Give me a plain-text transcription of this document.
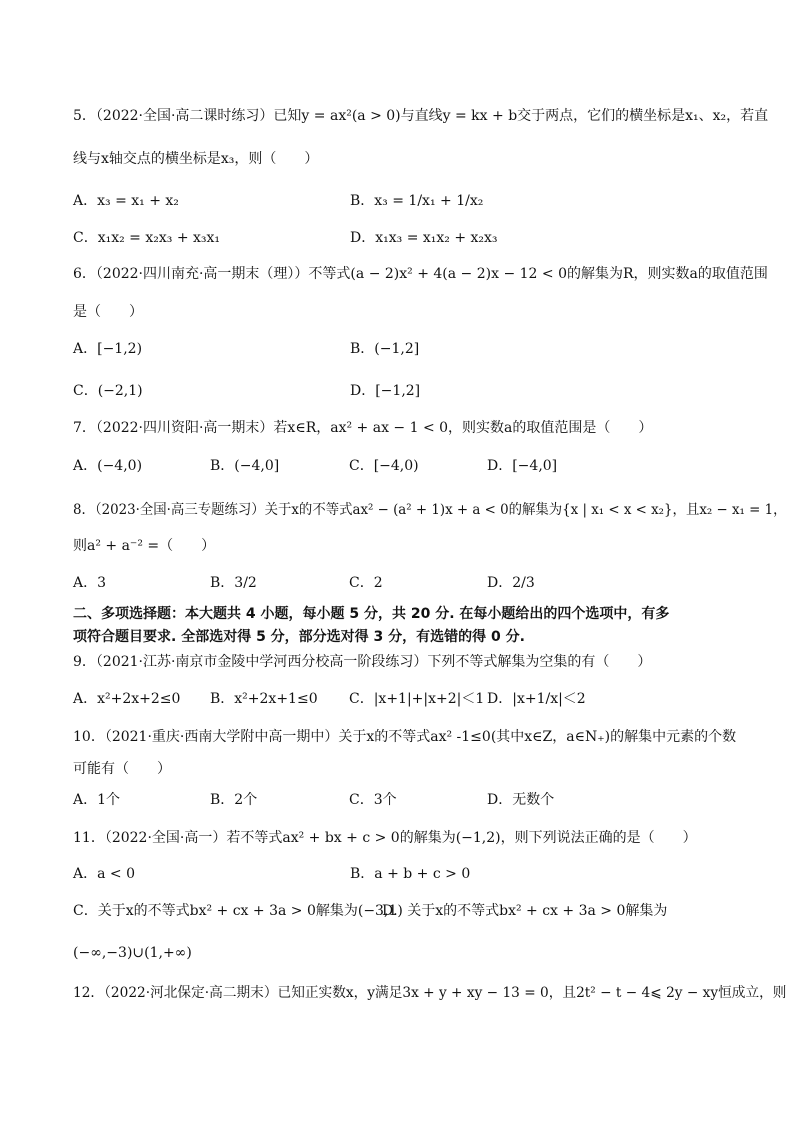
5．（2022·全国·高二课时练习）已知y = ax²(a > 0)与直线y = kx + b交于两点，它们的横坐标是x₁、x₂，若直
线与x轴交点的横坐标是x₃，则（　　）
A．x₃ = x₁ + x₂	B．x₃ = 1/x₁ + 1/x₂
C．x₁x₂ = x₂x₃ + x₃x₁	D．x₁x₃ = x₁x₂ + x₂x₃
6．（2022·四川南充·高一期末（理））不等式(a − 2)x² + 4(a − 2)x − 12 < 0的解集为R，则实数a的取值范围
是（　　）
A．[−1,2)	B．(−1,2]
C．(−2,1)	D．[−1,2]
7．（2022·四川资阳·高一期末）若x∈R，ax² + ax − 1 < 0，则实数a的取值范围是（　　）
A．(−4,0)	B．(−4,0]	C．[−4,0)	D．[−4,0]
8．（2023·全国·高三专题练习）关于x的不等式ax² − (a² + 1)x + a < 0的解集为{x | x₁ < x < x₂}，且x₂ − x₁ = 1，
则a² + a⁻² =（　　）
A．3	B．3/2	C．2	D．2/3
二、多项选择题：本大题共 4 小题，每小题 5 分，共 20 分. 在每小题给出的四个选项中，有多
项符合题目要求. 全部选对得 5 分，部分选对得 3 分，有选错的得 0 分.
9．（2021·江苏·南京市金陵中学河西分校高一阶段练习）下列不等式解集为空集的有（　　）
A．x²+2x+2≤0 B．x²+2x+1≤0 C．|x+1|+|x+2|＜1 D．|x+1/x|＜2
10．（2021·重庆·西南大学附中高一期中）关于x的不等式ax² -1≤0(其中x∈Z，a∈N₊)的解集中元素的个数
可能有（　　）
A．1个	B．2个	C．3个	D．无数个
11．（2022·全国·高一）若不等式ax² + bx + c > 0的解集为(−1,2)，则下列说法正确的是（　　）
A．a < 0	B．a + b + c > 0
C．关于x的不等式bx² + cx + 3a > 0解集为(−3,1)
D．关于x的不等式bx² + cx + 3a > 0解集为
(−∞,−3)∪(1,+∞)
12．（2022·河北保定·高二期末）已知正实数x，y满足3x + y + xy − 13 = 0，且2t² − t − 4⩽ 2y − xy恒成立，则
